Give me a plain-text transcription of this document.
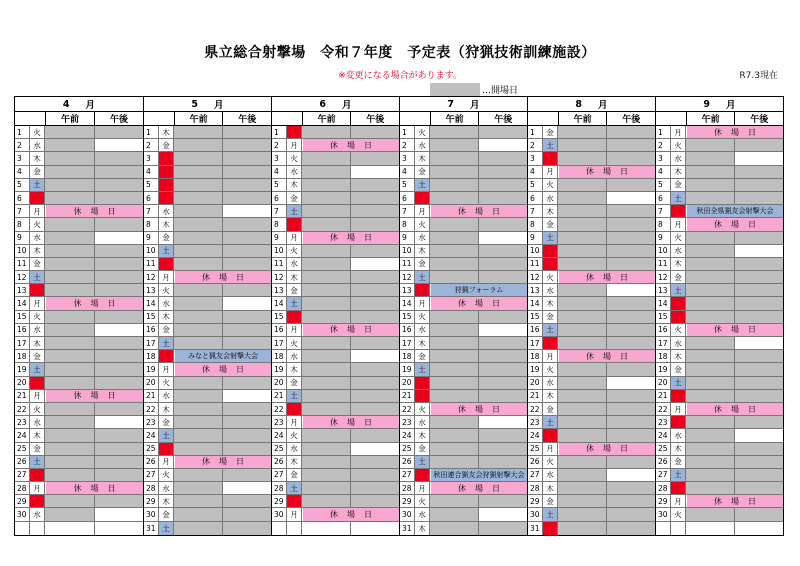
県立総合射撃場　令和７年度　予定表（狩猟技術訓練施設）
※変更になる場合があります。	R7.3現在
…開場日
4 月
午前	午後
1	火
2	水
3	木
4	金
5	土
6	日
7	月	休場日
8	火
9	水
10 木
11 金
12 土
13 日
14 月	休場日
15 火
16 水
17 木
18 金
19 土
20 日
21 月	休場日
22 火
23 水
24 木
25 金
26 土
27 日
28 月	休場日
29 火
30 水
5 月
午前	午後
1	木
2	金
3	土
4	日
5	月
6	火
7	水
8	木
9	金
10 土
11 日
12 月	休場日
13 火
14 水
15 木
16 金
17 土
18 日	みなと猟友会射撃大会
19 月	休場日
20 火
21 水
22 木
23 金
24 土
25 日
26 月	休場日
27 火
28 水
29 木
30 金
31 土
6 月
午前	午後
1	日
2	月	休場日
3	火
4	水
5	木
6	金
7	土
8	日
9	月	休場日
10 火
11 水
12 木
13 金
14 土
15 日
16 月	休場日
17 火
18 水
19 木
20 金
21 土
22 日
23 月	休場日
24 火
25 水
26 木
27 金
28 土
29 日
30 月	休場日
7 月
午前	午後
1	火
2	水
3	木
4	金
5	土
6	日
7	月	休場日
8	火
9	水
10 木
11 金
12 土
13 日	狩猟フォーラム
14 月	休場日
15 火
16 水
17 木
18 金
19 土
20 日
21 月
22 火	休場日
23 水
24 木
25 金
26 土
27 日	秋田連合猟友会狩猟射撃大会
28 月	休場日
29 火
30 水
31 木
8 月
午前	午後
1	金
2	土
3	日
4	月	休場日
5	火
6	水
7	木
8	金
9	土
10 日
11 月
12 火	休場日
13 水
14 木
15 金
16 土
17 日
18 月	休場日
19 火
20 水
21 木
22 金
23 土
24 日
25 月	休場日
26 火
27 水
28 木
29 金
30 土
31 日
9 月
午前	午後
1	月	休場日
2	火
3	水
4	木
5	金
6	土
7	日	秋田全県猟友会射撃大会
8	月	休場日
9	火
10 水
11 木
12 金
13 土
14 日
15 月
16 火	休場日
17 水
18 木
19 金
20 土
21 日
22 月	休場日
23 火
24 水
25 木
26 金
27 土
28 日
29 月	休場日
30 火
